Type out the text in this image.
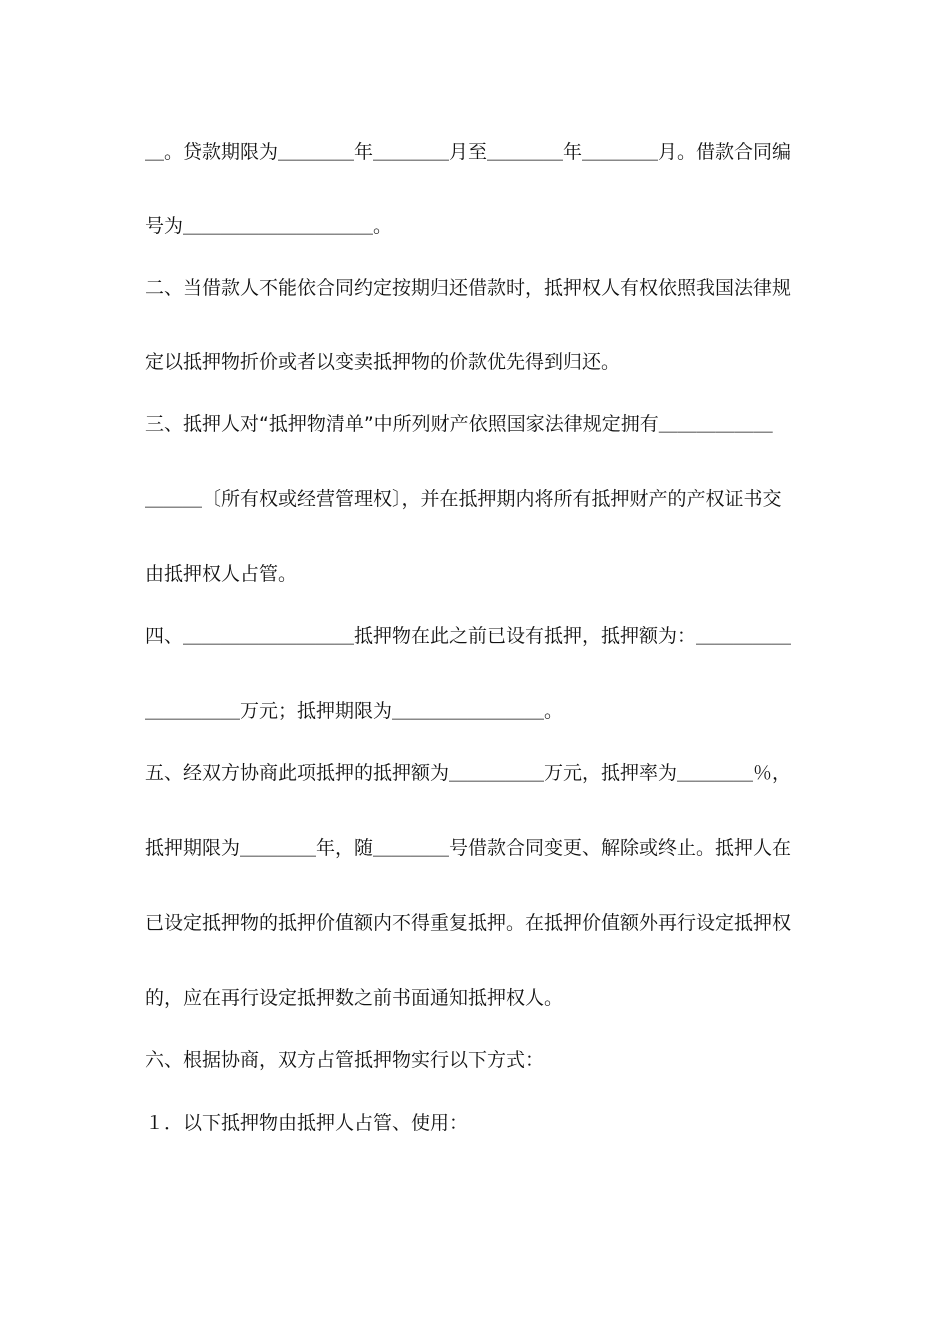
＿。贷款期限为＿＿＿＿年＿＿＿＿月至＿＿＿＿年＿＿＿＿月。借款合同编
号为＿＿＿＿＿＿＿＿＿＿。
二、当借款人不能依合同约定按期归还借款时，抵押权人有权依照我国法律规
定以抵押物折价或者以变卖抵押物的价款优先得到归还。
三、抵押人对“抵押物清单”中所列财产依照国家法律规定拥有＿＿＿＿＿＿
＿＿＿〔所有权或经营管理权〕，并在抵押期内将所有抵押财产的产权证书交
由抵押权人占管。
四、＿＿＿＿＿＿＿＿＿抵押物在此之前已设有抵押，抵押额为：＿＿＿＿＿
＿＿＿＿＿万元；抵押期限为＿＿＿＿＿＿＿＿。
五、经双方协商此项抵押的抵押额为＿＿＿＿＿万元，抵押率为＿＿＿＿％，
抵押期限为＿＿＿＿年，随＿＿＿＿号借款合同变更、解除或终止。抵押人在
已设定抵押物的抵押价值额内不得重复抵押。在抵押价值额外再行设定抵押权
的，应在再行设定抵押数之前书面通知抵押权人。
六、根据协商，双方占管抵押物实行以下方式：
１．以下抵押物由抵押人占管、使用：
